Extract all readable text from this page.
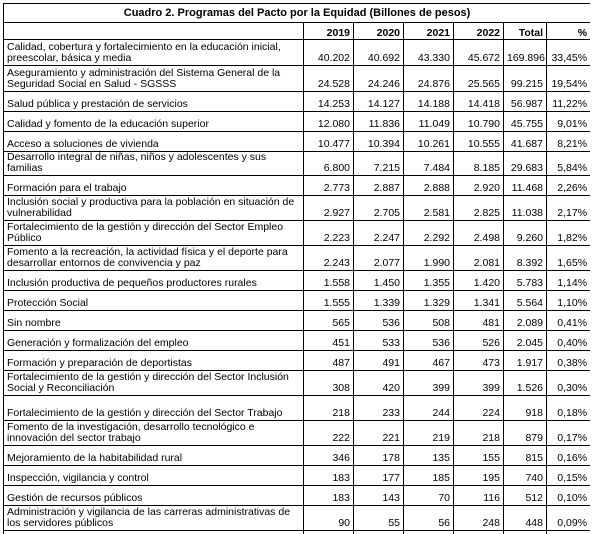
Cuadro 2. Programas del Pacto por la Equidad (Billones de pesos)						
	2019	2020	2021	2022	Total	%
Calidad, cobertura y fortalecimiento en la educación inicial, preescolar, básica y media	40.202	40.692	43.330	45.672	169.896	33,45%
Aseguramiento y administración del Sistema General de la Seguridad Social en Salud - SGSSS	24.528	24.246	24.876	25.565	99.215	19,54%
Salud pública y prestación de servicios	14.253	14.127	14.188	14.418	56.987	11,22%
Calidad y fomento de la educación superior	12.080	11.836	11.049	10.790	45.755	9,01%
Acceso a soluciones de vivienda	10.477	10.394	10.261	10.555	41.687	8,21%
Desarrollo integral de niñas, niños y adolescentes y sus familias	6.800	7.215	7.484	8.185	29.683	5,84%
Formación para el trabajo	2.773	2.887	2.888	2.920	11.468	2,26%
Inclusión social y productiva para la población en situación de vulnerabilidad	2.927	2.705	2.581	2.825	11.038	2,17%
Fortalecimiento de la gestión y dirección del Sector Empleo Público	2.223	2.247	2.292	2.498	9.260	1,82%
Fomento a la recreación, la actividad física y el deporte para desarrollar entornos de convivencia y paz	2.243	2.077	1.990	2.081	8.392	1,65%
Inclusión productiva de pequeños productores rurales	1.558	1.450	1.355	1.420	5.783	1,14%
Protección Social	1.555	1.339	1.329	1.341	5.564	1,10%
Sin nombre	565	536	508	481	2.089	0,41%
Generación y formalización del empleo	451	533	536	526	2.045	0,40%
Formación y preparación de deportistas	487	491	467	473	1.917	0,38%
Fortalecimiento de la gestión y dirección del Sector Inclusión Social y Reconciliación	308	420	399	399	1.526	0,30%
Fortalecimiento de la gestión y dirección del Sector Trabajo	218	233	244	224	918	0,18%
Fomento de la investigación, desarrollo tecnológico e innovación del sector trabajo	222	221	219	218	879	0,17%
Mejoramiento de la habitabilidad rural	346	178	135	155	815	0,16%
Inspección, vigilancia y control	183	177	185	195	740	0,15%
Gestión de recursos públicos	183	143	70	116	512	0,10%
Administración y vigilancia de las carreras administrativas de los servidores públicos	90	55	56	248	448	0,09%
